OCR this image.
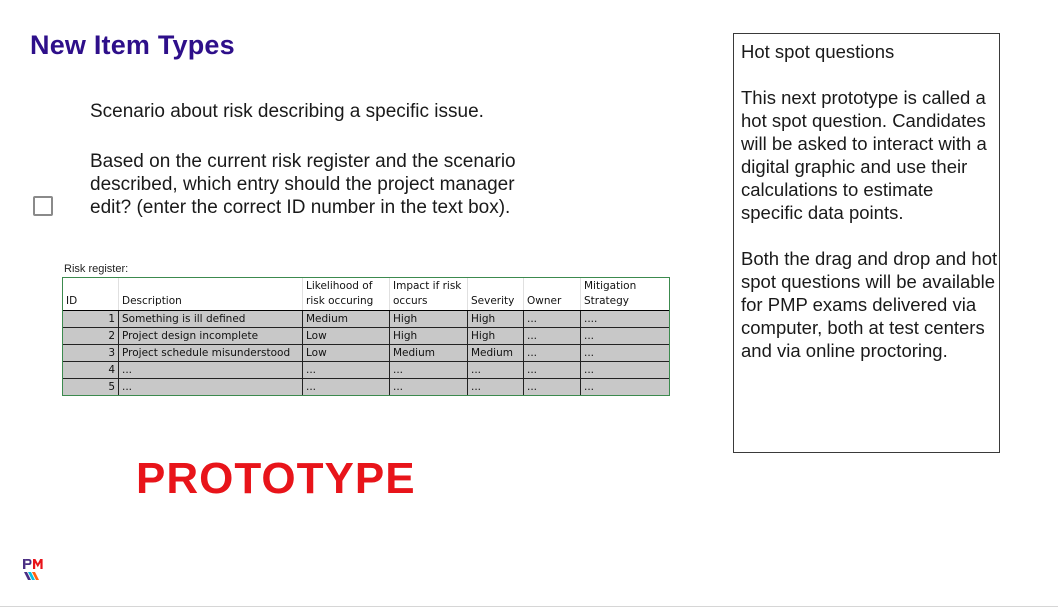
New Item Types
Scenario about risk describing a specific issue.
Based on the current risk register and the scenario described, which entry should the project manager edit? (enter the correct ID number in the text box).
Risk register:
ID	Description	Likelihood of risk occuring	Impact if risk occurs	Severity	Owner	Mitigation Strategy
1	Something is ill defined	Medium	High	High	...	....
2	Project design incomplete	Low	High	High	...	...
3	Project schedule misunderstood	Low	Medium	Medium	...	...
4	...	...	...	...	...	...
5	...	...	...	...	...	...
PROTOTYPE

Hot spot questions

This next prototype is called a hot spot question. Candidates will be asked to interact with a digital graphic and use their calculations to estimate specific data points.

Both the drag and drop and hot spot questions will be available for PMP exams delivered via computer, both at test centers and via online proctoring.
